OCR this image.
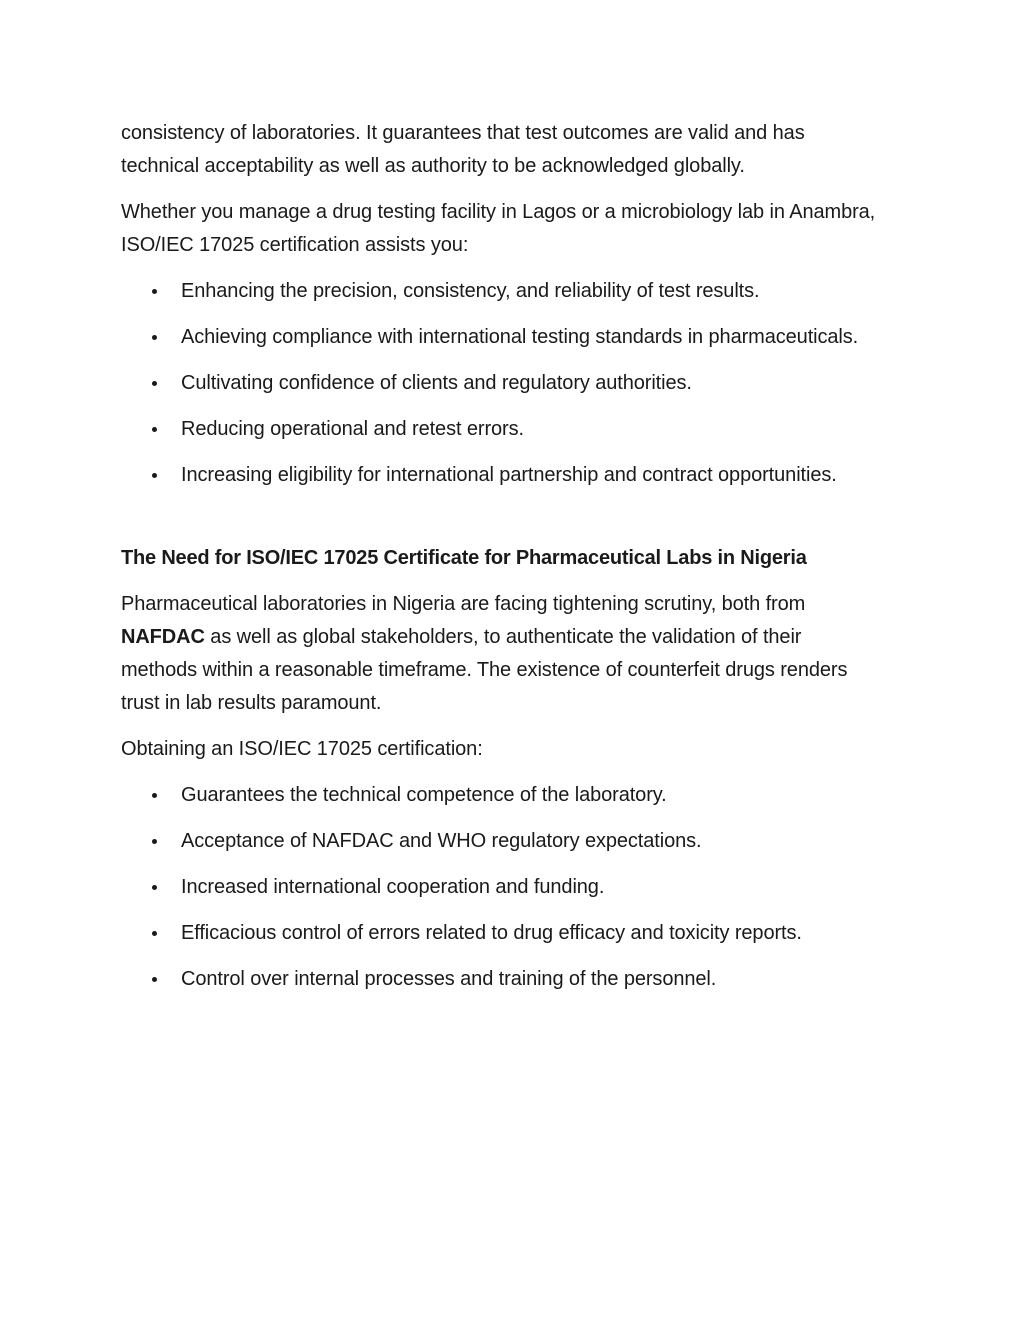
consistency of laboratories. It guarantees that test outcomes are valid and has technical acceptability as well as authority to be acknowledged globally.

Whether you manage a drug testing facility in Lagos or a microbiology lab in Anambra, ISO/IEC 17025 certification assists you:

Enhancing the precision, consistency, and reliability of test results.
Achieving compliance with international testing standards in pharmaceuticals.
Cultivating confidence of clients and regulatory authorities.
Reducing operational and retest errors.
Increasing eligibility for international partnership and contract opportunities.
The Need for ISO/IEC 17025 Certificate for Pharmaceutical Labs in Nigeria

Pharmaceutical laboratories in Nigeria are facing tightening scrutiny, both from NAFDAC as well as global stakeholders, to authenticate the validation of their methods within a reasonable timeframe. The existence of counterfeit drugs renders trust in lab results paramount.

Obtaining an ISO/IEC 17025 certification:

Guarantees the technical competence of the laboratory.
Acceptance of NAFDAC and WHO regulatory expectations.
Increased international cooperation and funding.
Efficacious control of errors related to drug efficacy and toxicity reports.
Control over internal processes and training of the personnel.
